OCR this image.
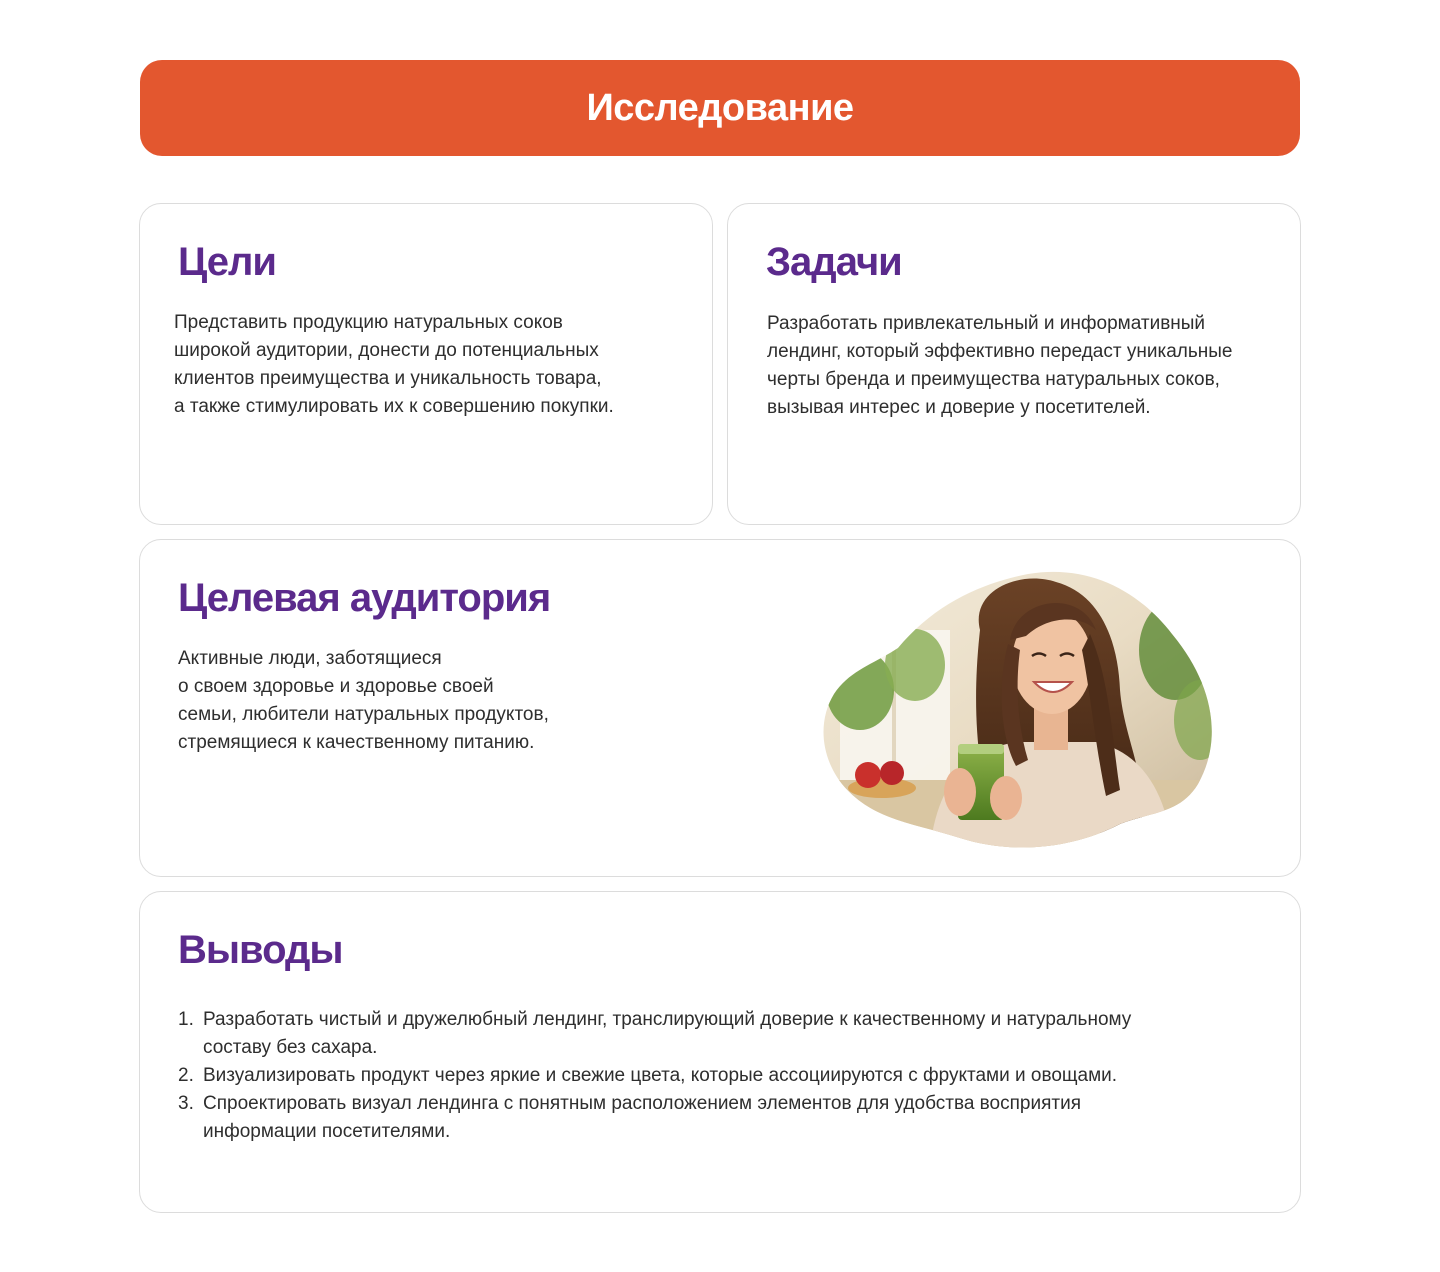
Исследование
Цели

Представить продукцию натуральных соков
широкой аудитории, донести до потенциальных
клиентов преимущества и уникальность товара,
а также стимулировать их к совершению покупки.

Задачи

Разработать привлекательный и информативный
лендинг, который эффективно передаст уникальные
черты бренда и преимущества натуральных соков,
вызывая интерес и доверие у посетителей.

Целевая аудитория

Активные люди, заботящиеся
о своем здоровье и здоровье своей
семьи, любители натуральных продуктов,
стремящиеся к качественному питанию.

Выводы
1. Разработать чистый и дружелюбный лендинг, транслирующий доверие к качественному и натуральному
составу без сахара.
2. Визуализировать продукт через яркие и свежие цвета, которые ассоциируются с фруктами и овощами.
3. Спроектировать визуал лендинга с понятным расположением элементов для удобства восприятия
информации посетителями.
